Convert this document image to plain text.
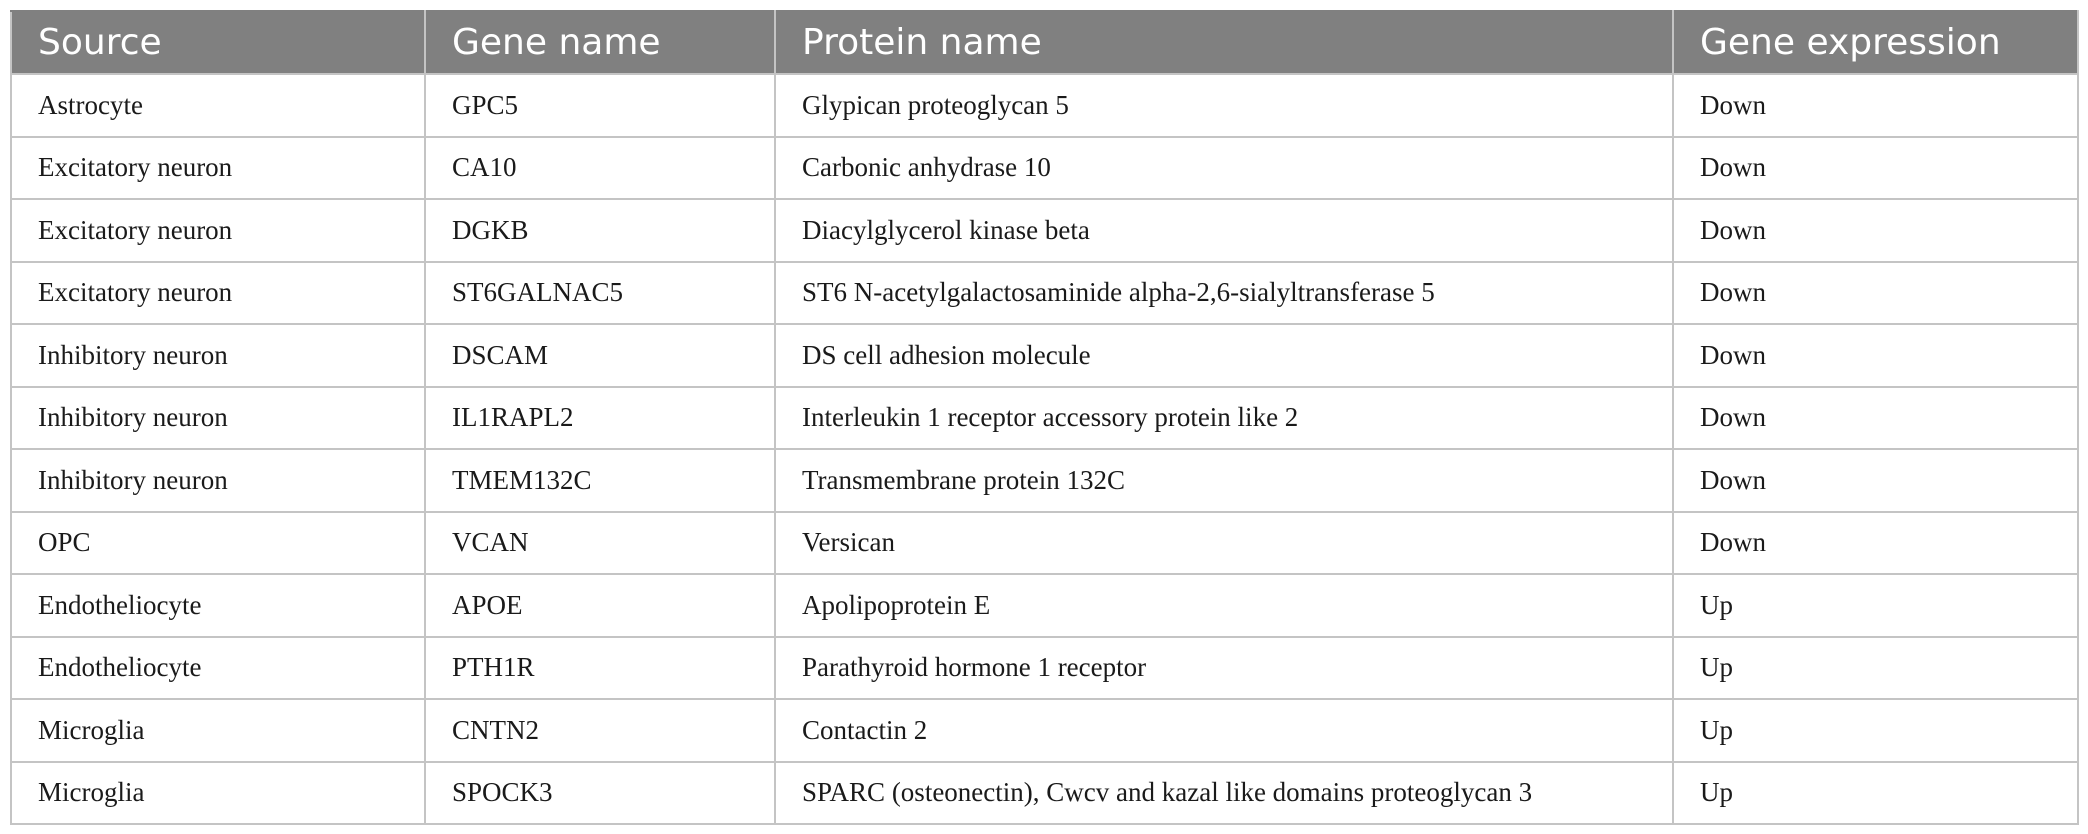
Source	Gene name	Protein name	Gene expression
Astrocyte	GPC5	Glypican proteoglycan 5	Down
Excitatory neuron	CA10	Carbonic anhydrase 10	Down
Excitatory neuron	DGKB	Diacylglycerol kinase beta	Down
Excitatory neuron	ST6GALNAC5	ST6 N-acetylgalactosaminide alpha-2,6-sialyltransferase 5	Down
Inhibitory neuron	DSCAM	DS cell adhesion molecule	Down
Inhibitory neuron	IL1RAPL2	Interleukin 1 receptor accessory protein like 2	Down
Inhibitory neuron	TMEM132C	Transmembrane protein 132C	Down
OPC	VCAN	Versican	Down
Endotheliocyte	APOE	Apolipoprotein E	Up
Endotheliocyte	PTH1R	Parathyroid hormone 1 receptor	Up
Microglia	CNTN2	Contactin 2	Up
Microglia	SPOCK3	SPARC (osteonectin), Cwcv and kazal like domains proteoglycan 3	Up
